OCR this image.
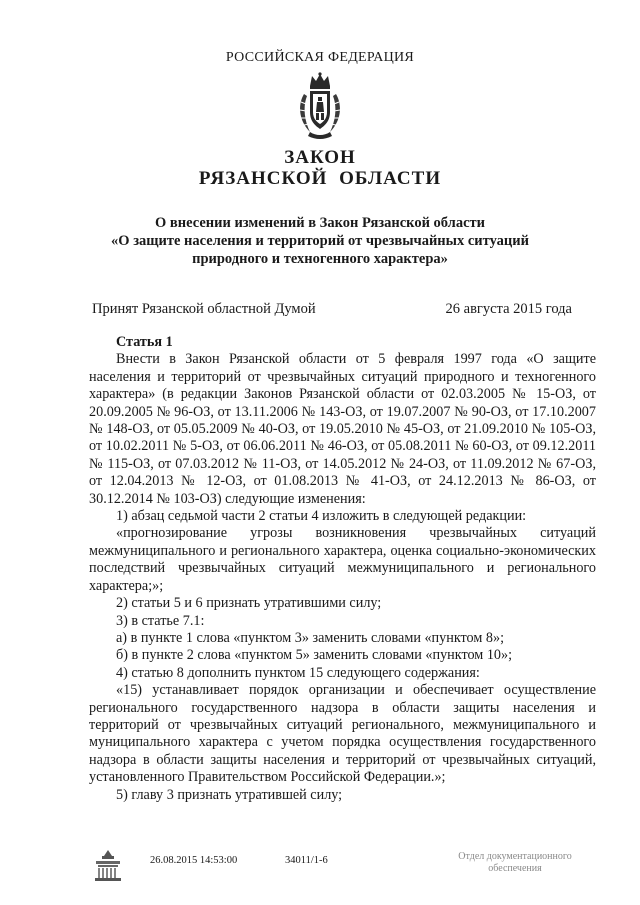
РОССИЙСКАЯ ФЕДЕРАЦИЯ
ЗАКОН
РЯЗАНСКОЙ ОБЛАСТИ
О внесении изменений в Закон Рязанской области
«О защите населения и территорий от чрезвычайных ситуаций
природного и техногенного характера»
Принят Рязанской областной Думой	26 августа 2015 года

Статья 1

Внести в Закон Рязанской области от 5 февраля 1997 года «О защите населения и территорий от чрезвычайных ситуаций природного и техногенного характера» (в редакции Законов Рязанской области от 02.03.2005 № 15-ОЗ, от 20.09.2005 № 96-ОЗ, от 13.11.2006 № 143-ОЗ, от 19.07.2007 № 90-ОЗ, от 17.10.2007 № 148-ОЗ, от 05.05.2009 № 40-ОЗ, от 19.05.2010 № 45-ОЗ, от 21.09.2010 № 105-ОЗ, от 10.02.2011 № 5-ОЗ, от 06.06.2011 № 46-ОЗ, от 05.08.2011 № 60-ОЗ, от 09.12.2011 № 115-ОЗ, от 07.03.2012 № 11-ОЗ, от 14.05.2012 № 24-ОЗ, от 11.09.2012 № 67-ОЗ, от 12.04.2013 № 12-ОЗ, от 01.08.2013 № 41-ОЗ, от 24.12.2013 № 86-ОЗ, от 30.12.2014 № 103-ОЗ) следующие изменения:

1) абзац седьмой части 2 статьи 4 изложить в следующей редакции:

«прогнозирование угрозы возникновения чрезвычайных ситуаций межмуниципального и регионального характера, оценка социально-экономических последствий чрезвычайных ситуаций межмуниципального и регионального характера;»;

2) статьи 5 и 6 признать утратившими силу;

3) в статье 7.1:

а) в пункте 1 слова «пунктом 3» заменить словами «пунктом 8»;

б) в пункте 2 слова «пунктом 5» заменить словами «пунктом 10»;

4) статью 8 дополнить пунктом 15 следующего содержания:

«15) устанавливает порядок организации и обеспечивает осуществление регионального государственного надзора в области защиты населения и территорий от чрезвычайных ситуаций регионального, межмуниципального и муниципального характера с учетом порядка осуществления государственного надзора в области защиты населения и территорий от чрезвычайных ситуаций, установленного Правительством Российской Федерации.»;

5) главу 3 признать утратившей силу;

26.08.2015 14:53:00	34011/1-6	Отдел документационного
обеспечения
